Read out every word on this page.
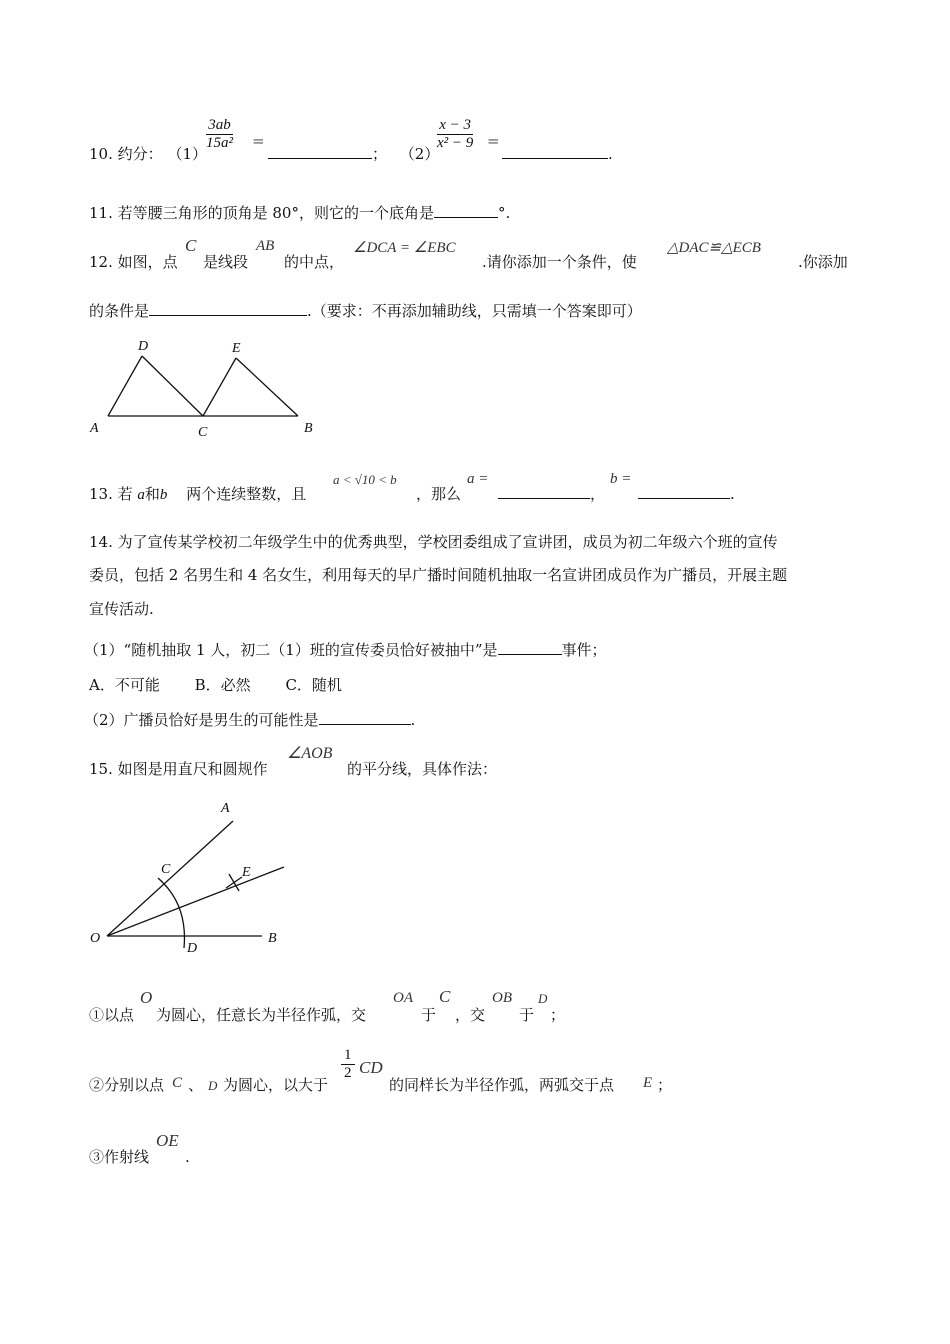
10. 约分： （1）
$\frac{3ab}{\text{15a²}}$ =
； （2）
$\frac{x - 3}{\text{x² − 9}}$ =
.
11. 若等腰三角形的顶角是 80°，则它的一个底角是	°.
12. 如图，点
C
是线段
AB
的中点，
∠DCA = ∠EBC
.请你添加一个条件，使
△DAC≌△ECB
.你添加
的条件是	.（要求：不再添加辅助线，只需填一个答案即可）
D	E
A	C	B
13. 若 a和b 两个连续整数，且
a < √10 < b
，那么
a =
，
b =
.
14. 为了宣传某学校初二年级学生中的优秀典型，学校团委组成了宣讲团，成员为初二年级六个班的宣传
委员，包括 2 名男生和 4 名女生，利用每天的早广播时间随机抽取一名宣讲团成员作为广播员，开展主题
宣传活动.
（1）“随机抽取 1 人，初二（1）班的宣传委员恰好被抽中”是	事件；
A．不可能 B．必然 C．随机
（2）广播员恰好是男生的可能性是	.
15. 如图是用直尺和圆规作
∠AOB
的平分线，具体作法：
A
C	E
O
D
B
①以点
O
为圆心，任意长为半径作弧，交
OA
于
C
，交
OB
于
D
；
②分别以点 C 、 D 为圆心，以大于
$\frac{1}{2}$ CD
的同样长为半径作弧，两弧交于点 E ；
③作射线
OE
.
